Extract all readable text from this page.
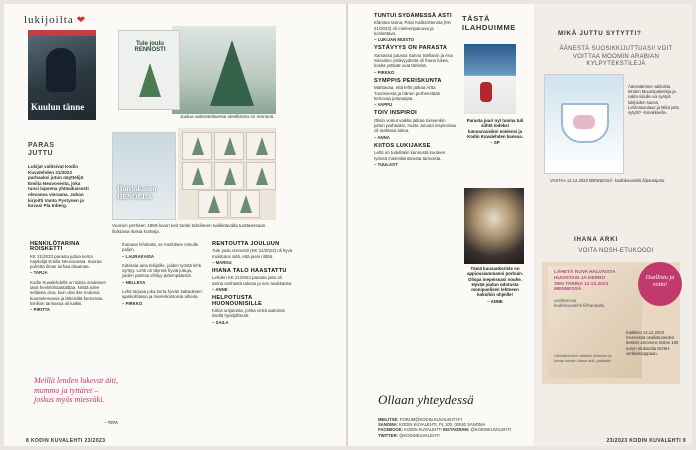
lukijoilta ❤
Kuulun tänne
Tule joulu RENNOSTI
Joulua valmisteltaessa oleellisinta on rennous.
PARAS
JUTTU
Lukijat valitsivat Kodin Kuvalehden 21/2023 parhaaksi jutun näyttelijä Emilia Neuvosesta, joka tunsi lapsena yhtäaikaisesti olevansa vieraana. Juhan kirjoitti Vanto Pystynen ja kuvasi Pia Inberg.
Huivinkanon HENOLLA
Vuorien perheen 1950-luvun keit toristi tahdiseen kaikkitavalla tuottaessaan iloistavia iloisia kortteja.
HENKILÖTARINA ROISKETTI

KK 21/2023 parasta juttua kertoi näyttelijä Emilia Neuvonesta. Suoraa puhetta ilman turhaa draamaa.

– TARJA

Kodin Kuvalehdellä on taitoa omaiseen tänä henkilöhaastalttaa. Niistä tulee sellaista oloa, kuin olisi itse mukana kuuntelemassa ja läheisiltä kertomaa. Emilian tarinassa oli kaikki.

– PIRITTA

Meillä lenden lukevat äiti, mummo ja tyttäret – joskus myös miesväki.
– TIITA

Ihanana lehdestä, se merkitsee minulle paljon.

– LAURAKAISA

Kiitoksia aina tekijöille, joiden työstä lehti syntyy. Lehti on täynnä hyviä juttuja, joiden parissa viihtyy pidempäänkin.

– HELLEVA

Lehti tarjoaa joka kerta hyvän kattauksen ajankohtaisia ja mielenkiintoisia aiheita.

– PIRKKO

RENTOUTTA JOULUUN

Tule joulu rennosti! (KK 21/2023) oli hyvä muistutus siitä, että pieni riittää.

– MARKU

IHANA TALO HAASTATTU

Lehden KK 21/2023 parasta juttu oli tarina vanhasta talosta ja sen asukkaista.

– ANNE

HELPOTUSTA HUONOUNISILLE

Kiitos unijutusta, jonka vinkit auttoivat itsellä hyödyllisesti.

– SAILA

8 KODIN KUVALEHTI 23/2023
TUNTUI SYDÄMESSÄ ASTI

Elämäni tarina: Päivi Kallioristensta (KK 21/2023) oli mieleenpainuva ja koskettava.

– LUKIJAN MUISTO

YSTÄVYYS ON PARASTA

Samassa jutussa Sanna Stellanin ja Ana Sinisalon ystävyydestä oli ihana lukea, koska ystävät ovat tärkeitä.

– PIRKKO

SYMPPIS PERISKUNTA

Mahtavaa, että lehti jatkaa Artta Tuomisesta ja hänen perheestään kertovaa juttusarjaa.

– VAPPU

TOIV INSPIROI

Olisin voinut vaikka jatkaa toiseenkin juttun parhaaksi, mutta Jutusta inspiroivaa oli mahtava lukea.

– ANNA

KIITOS LUKIJAKSE

Lehti on todellakin kannusta kuuteen työnsä mielenkiintoisista tarinoista.

– TUULAST

TÄSTÄ ILAHDUIMME
Parasta juuri nyt tuoma tuli siihtä lodeksi lumoarvaisiksi mielensi ja Kodin Kuvalehden kanssa.
– SP
Tämä kuusankoriste on appiousiammanni porhuin. Olispa mepeissasi nouhe. Hyvää joulun odotusta monipuolisen lehteeen kokoihin ohjeille!
– ANNE
Ollaan yhteydessä
MEILITSE: FORUM@KODIN.KUVALEHTI.FI
SANOMA: KODIN KUVALEHTI, PL 100, 00040 SANOMA
FACEBOOK: KODIN KUVALEHTI INSTAGRAM: @KODINKUVALEHTI
TWITTER: @KODINKUVALEHTI
MIKÄ JUTTU SYTYTTI?
ÄÄNESTÄ SUOSIKKIJUTTUASI! VOIT VOITTAA MOOMIN ARABIAN KYLPYTEKSTILEJÄ
Äänestämme valituista lehden Muumipaketteja ja valita sinulle voi syntyä lukijoiden sanan, Lehmänaulaus ja Mikä juttu sytytti? -lomakkeella.
VASTAA 12.12.2023 MENNESSÄ: kodinkuvalehti.fi/parasjuttu.
IHANA ARKI
VOITA NOSH-ETUKOODI
LÄHETÄ KUVA HALVAISTA HUVISTASI JA KERRO SEN TARINA 12.12.2023 MENNESSÄ
osoitteessa kodinkuvalehti.fi/ihanaarki.
Osallistu ja voita!
Kaikkien 12.12.2023 mennessä osallistuneiden kesken arvomme kolme 100 euron etukoodia NOSH-verkkokauppaan.
Lähettäneiden valitsee yhteinen ja kuvan lehden Ihana arki -palstalle.
23/2023 KODIN KUVALEHTI 9
